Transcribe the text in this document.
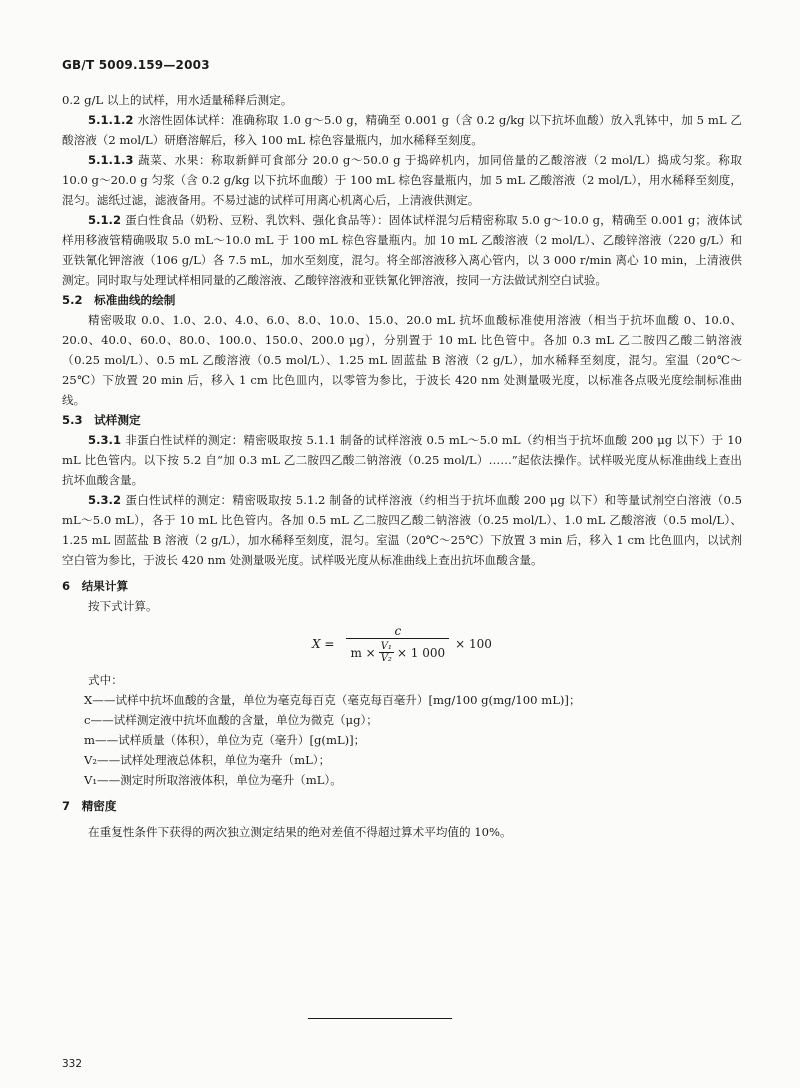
GB/T 5009.159—2003

0.2 g/L 以上的试样，用水适量稀释后测定。

5.1.1.2 水溶性固体试样：准确称取 1.0 g～5.0 g，精确至 0.001 g（含 0.2 g/kg 以下抗坏血酸）放入乳钵中，加 5 mL 乙酸溶液（2 mol/L）研磨溶解后，移入 100 mL 棕色容量瓶内，加水稀释至刻度。

5.1.1.3 蔬菜、水果：称取新鲜可食部分 20.0 g～50.0 g 于捣碎机内，加同倍量的乙酸溶液（2 mol/L）捣成匀浆。称取 10.0 g～20.0 g 匀浆（含 0.2 g/kg 以下抗坏血酸）于 100 mL 棕色容量瓶内，加 5 mL 乙酸溶液（2 mol/L），用水稀释至刻度，混匀。滤纸过滤，滤液备用。不易过滤的试样可用离心机离心后，上清液供测定。

5.1.2 蛋白性食品（奶粉、豆粉、乳饮料、强化食品等）：固体试样混匀后精密称取 5.0 g～10.0 g，精确至 0.001 g；液体试样用移液管精确吸取 5.0 mL～10.0 mL 于 100 mL 棕色容量瓶内。加 10 mL 乙酸溶液（2 mol/L）、乙酸锌溶液（220 g/L）和亚铁氰化钾溶液（106 g/L）各 7.5 mL，加水至刻度，混匀。将全部溶液移入离心管内，以 3 000 r/min 离心 10 min，上清液供测定。同时取与处理试样相同量的乙酸溶液、乙酸锌溶液和亚铁氰化钾溶液，按同一方法做试剂空白试验。

5.2　 标准曲线的绘制

精密吸取 0.0、1.0、2.0、4.0、6.0、8.0、10.0、15.0、20.0 mL 抗坏血酸标准使用溶液（相当于抗坏血酸 0、10.0、20.0、40.0、60.0、80.0、100.0、150.0、200.0 μg），分别置于 10 mL 比色管中。各加 0.3 mL 乙二胺四乙酸二钠溶液（0.25 mol/L）、0.5 mL 乙酸溶液（0.5 mol/L）、1.25 mL 固蓝盐 B 溶液（2 g/L），加水稀释至刻度，混匀。室温（20℃～25℃）下放置 20 min 后，移入 1 cm 比色皿内，以零管为参比，于波长 420 nm 处测量吸光度，以标准各点吸光度绘制标准曲线。

5.3　 试样测定

5.3.1 非蛋白性试样的测定：精密吸取按 5.1.1 制备的试样溶液 0.5 mL～5.0 mL（约相当于抗坏血酸 200 μg 以下）于 10 mL 比色管内。以下按 5.2 自“加 0.3 mL 乙二胺四乙酸二钠溶液（0.25 mol/L）……”起依法操作。试样吸光度从标准曲线上查出抗坏血酸含量。

5.3.2 蛋白性试样的测定：精密吸取按 5.1.2 制备的试样溶液（约相当于抗坏血酸 200 μg 以下）和等量试剂空白溶液（0.5 mL～5.0 mL），各于 10 mL 比色管内。各加 0.5 mL 乙二胺四乙酸二钠溶液（0.25 mol/L）、1.0 mL 乙酸溶液（0.5 mol/L）、1.25 mL 固蓝盐 B 溶液（2 g/L），加水稀释至刻度，混匀。室温（20℃～25℃）下放置 3 min 后，移入 1 cm 比色皿内，以试剂空白管为参比，于波长 420 nm 处测量吸光度。试样吸光度从标准曲线上查出抗坏血酸含量。

6　 结果计算

按下式计算。

X =
c
$m \times \frac{\text{V₁}}{\text{V₂}} \times 1$ 000
× 100

式中：

X——试样中抗坏血酸的含量，单位为毫克每百克（毫克每百毫升）[mg/100 g(mg/100 mL)]；
c——试样测定液中抗坏血酸的含量，单位为微克（μg）；
m——试样质量（体积），单位为克（毫升）[g(mL)]；
V₂——试样处理液总体积，单位为毫升（mL）；
V₁——测定时所取溶液体积，单位为毫升（mL）。
7　 精密度

在重复性条件下获得的两次独立测定结果的绝对差值不得超过算术平均值的 10%。

332
